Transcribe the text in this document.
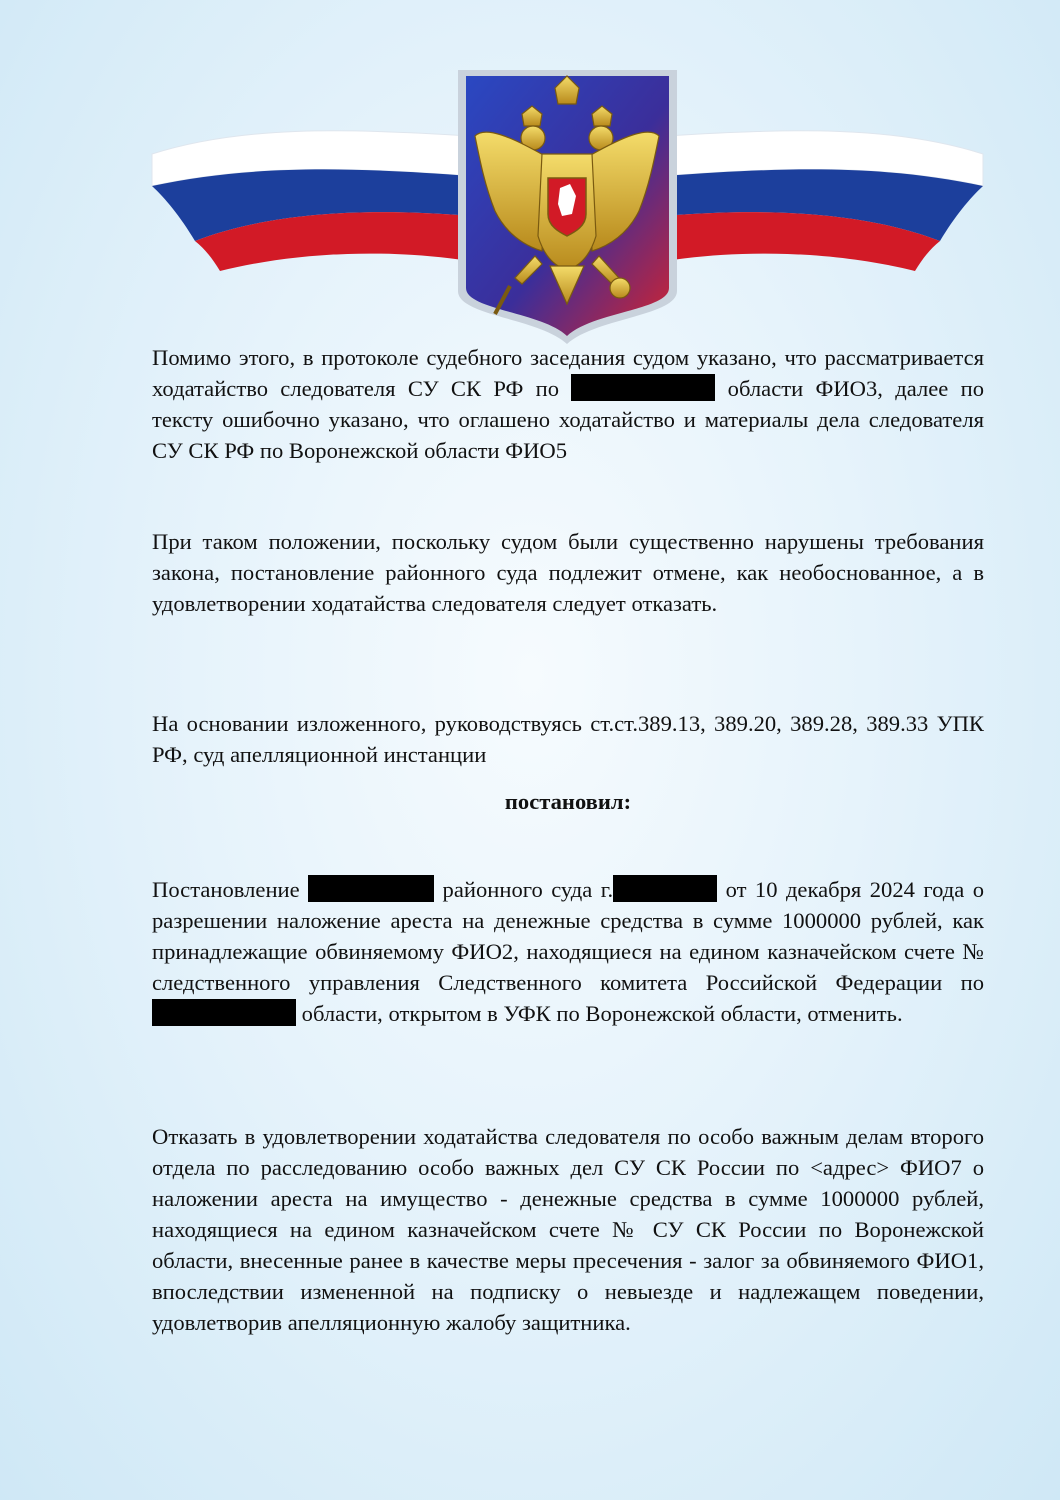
Помимо этого, в протоколе судебного заседания судом указано, что рассматривается ходатайство следователя СУ СК РФ по	области ФИО3, далее по тексту ошибочно указано, что оглашено ходатайство и материалы дела следователя СУ СК РФ по Воронежской области ФИО5

При таком положении, поскольку судом были существенно нарушены требования закона, постановление районного суда подлежит отмене, как необоснованное, а в удовлетворении ходатайства следователя следует отказать.

На основании изложенного, руководствуясь ст.ст.389.13, 389.20, 389.28, 389.33 УПК РФ, суд апелляционной инстанции

постановил:

Постановление	районного суда г.	от 10 декабря 2024 года о разрешении наложение ареста на денежные средства в сумме 1000000 рублей, как принадлежащие обвиняемому ФИО2, находящиеся на едином казначейском счете № следственного управления Следственного комитета Российской Федерации по  области, открытом в УФК по Воронежской области, отменить.

Отказать в удовлетворении ходатайства следователя по особо важным делам второго отдела по расследованию особо важных дел СУ СК России по <адрес> ФИО7 о наложении ареста на имущество - денежные средства в сумме 1000000 рублей, находящиеся на едином казначейском счете № СУ СК России по Воронежской области, внесенные ранее в качестве меры пресечения - залог за обвиняемого ФИО1, впоследствии измененной на подписку о невыезде и надлежащем поведении, удовлетворив апелляционную жалобу защитника.
